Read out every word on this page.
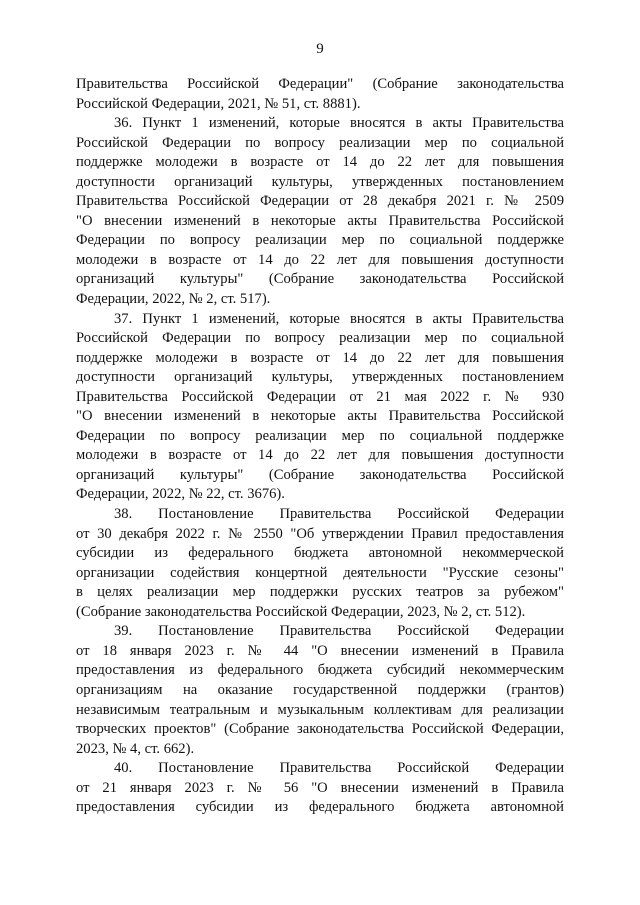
9
Правительства Российской Федерации" (Собрание законодательства
Российской Федерации, 2021, № 51, ст. 8881).
36. Пункт 1 изменений, которые вносятся в акты Правительства
Российской Федерации по вопросу реализации мер по социальной
поддержке молодежи в возрасте от 14 до 22 лет для повышения
доступности организаций культуры, утвержденных постановлением
Правительства Российской Федерации от 28 декабря 2021 г. № 2509
"О внесении изменений в некоторые акты Правительства Российской
Федерации по вопросу реализации мер по социальной поддержке
молодежи в возрасте от 14 до 22 лет для повышения доступности
организаций культуры" (Собрание законодательства Российской
Федерации, 2022, № 2, ст. 517).
37. Пункт 1 изменений, которые вносятся в акты Правительства
Российской Федерации по вопросу реализации мер по социальной
поддержке молодежи в возрасте от 14 до 22 лет для повышения
доступности организаций культуры, утвержденных постановлением
Правительства Российской Федерации от 21 мая 2022 г. № 930
"О внесении изменений в некоторые акты Правительства Российской
Федерации по вопросу реализации мер по социальной поддержке
молодежи в возрасте от 14 до 22 лет для повышения доступности
организаций культуры" (Собрание законодательства Российской
Федерации, 2022, № 22, ст. 3676).
38. Постановление Правительства Российской Федерации
от 30 декабря 2022 г. № 2550 "Об утверждении Правил предоставления
субсидии из федерального бюджета автономной некоммерческой
организации содействия концертной деятельности "Русские сезоны"
в целях реализации мер поддержки русских театров за рубежом"
(Собрание законодательства Российской Федерации, 2023, № 2, ст. 512).
39. Постановление Правительства Российской Федерации
от 18 января 2023 г. № 44 "О внесении изменений в Правила
предоставления из федерального бюджета субсидий некоммерческим
организациям на оказание государственной поддержки (грантов)
независимым театральным и музыкальным коллективам для реализации
творческих проектов" (Собрание законодательства Российской Федерации,
2023, № 4, ст. 662).
40. Постановление Правительства Российской Федерации
от 21 января 2023 г. № 56 "О внесении изменений в Правила
предоставления субсидии из федерального бюджета автономной
